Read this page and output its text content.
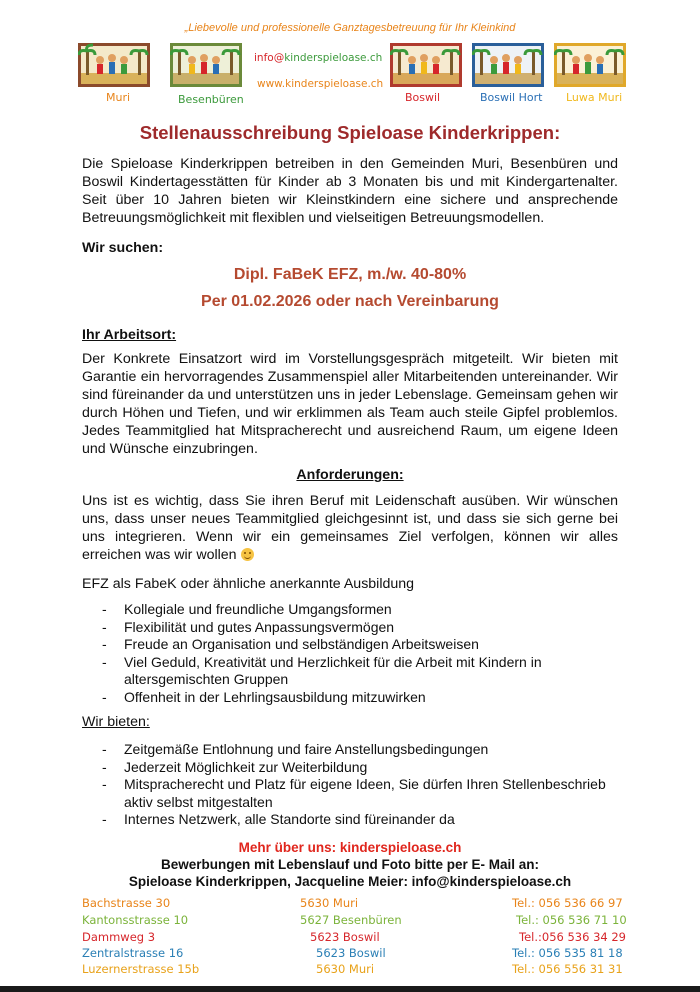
„Liebevolle und professionelle Ganztagesbetreuung für Ihr Kleinkind
Muri	Besenbüren
info@kinderspieloase.ch
www.kinderspieloase.ch
Boswil	Boswil Hort Luwa Muri
Stellenausschreibung Spieloase Kinderkrippen:

Die Spieloase Kinderkrippen betreiben in den Gemeinden Muri, Besenbüren und Boswil Kindertagesstätten für Kinder ab 3 Monaten bis und mit Kindergartenalter. Seit über 10 Jahren bieten wir Kleinstkindern eine sichere und ansprechende Betreuungsmöglichkeit mit flexiblen und vielseitigen Betreuungsmodellen.

Wir suchen:

Dipl. FaBeK EFZ, m./w. 40-80%

Per 01.02.2026 oder nach Vereinbarung

Ihr Arbeitsort:

Der Konkrete Einsatzort wird im Vorstellungsgespräch mitgeteilt. Wir bieten mit Garantie ein hervorragendes Zusammenspiel aller Mitarbeitenden untereinander. Wir sind füreinander da und unterstützen uns in jeder Lebenslage. Gemeinsam gehen wir durch Höhen und Tiefen, und wir erklimmen als Team auch steile Gipfel problemlos. Jedes Teammitglied hat Mitspracherecht und ausreichend Raum, um eigene Ideen und Wünsche einzubringen.

Anforderungen:

Uns ist es wichtig, dass Sie ihren Beruf mit Leidenschaft ausüben. Wir wünschen uns, dass unser neues Teammitglied gleichgesinnt ist, und dass sie sich gerne bei uns integrieren. Wenn wir ein gemeinsames Ziel verfolgen, können wir alles erreichen was wir wollen

EFZ als FabeK oder ähnliche anerkannte Ausbildung

- Kollegiale und freundliche Umgangsformen
- Flexibilität und gutes Anpassungsvermögen
- Freude an Organisation und selbständigen Arbeitsweisen
- Viel Geduld, Kreativität und Herzlichkeit für die Arbeit mit Kindern in altersgemischten Gruppen
- Offenheit in der Lehrlingsausbildung mitzuwirken

Wir bieten:

- Zeitgemäße Entlohnung und faire Anstellungsbedingungen
- Jederzeit Möglichkeit zur Weiterbildung
- Mitspracherecht und Platz für eigene Ideen, Sie dürfen Ihren Stellenbeschrieb aktiv selbst mitgestalten
- Internes Netzwerk, alle Standorte sind füreinander da

Mehr über uns: kinderspieloase.ch

Bewerbungen mit Lebenslauf und Foto bitte per E- Mail an:

Spieloase Kinderkrippen, Jacqueline Meier: info@kinderspieloase.ch

Bachstrasse 30	5630 Muri	Tel.: 056 536 66 97
Kantonsstrasse 10	5627 Besenbüren	Tel.: 056 536 71 10
Dammweg 3	5623 Boswil	Tel.:056 536 34 29
Zentralstrasse 16	5623 Boswil	Tel.: 056 535 81 18
Luzernerstrasse 15b	5630 Muri	Tel.: 056 556 31 31
